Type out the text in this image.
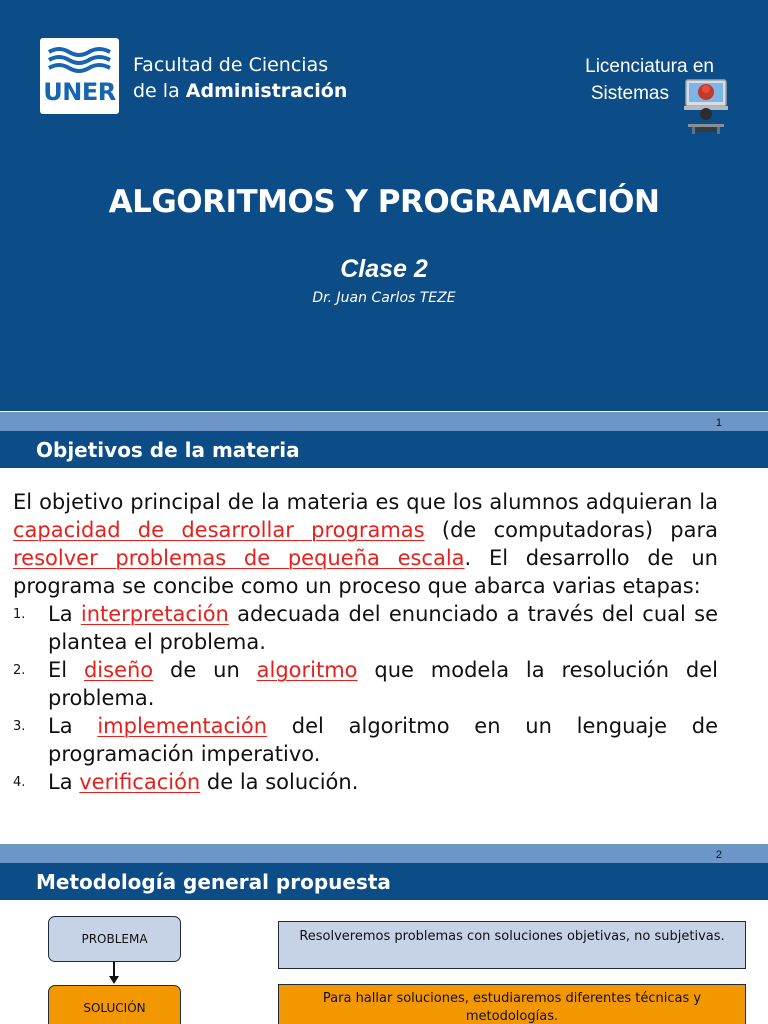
UNER
Facultad de Ciencias
de la Administración
Licenciatura en
Sistemas
ALGORITMOS Y PROGRAMACIÓN
Clase 2
Dr. Juan Carlos TEZE
1
Objetivos de la materia

El objetivo principal de la materia es que los alumnos adquieran la capacidad de desarrollar programas (de computadoras) para resolver problemas de pequeña escala. El desarrollo de un programa se concibe como un proceso que abarca varias etapas:

1. La interpretación adecuada del enunciado a través del cual se plantea el problema.
2. El diseño de un algoritmo que modela la resolución del problema.
3. La implementación del algoritmo en un lenguaje de programación imperativo.
4. La verificación de la solución.
2
Metodología general propuesta
PROBLEMA
SOLUCIÓN
Resolveremos problemas con soluciones objetivas, no subjetivas.
Para hallar soluciones, estudiaremos diferentes técnicas y metodologías.
